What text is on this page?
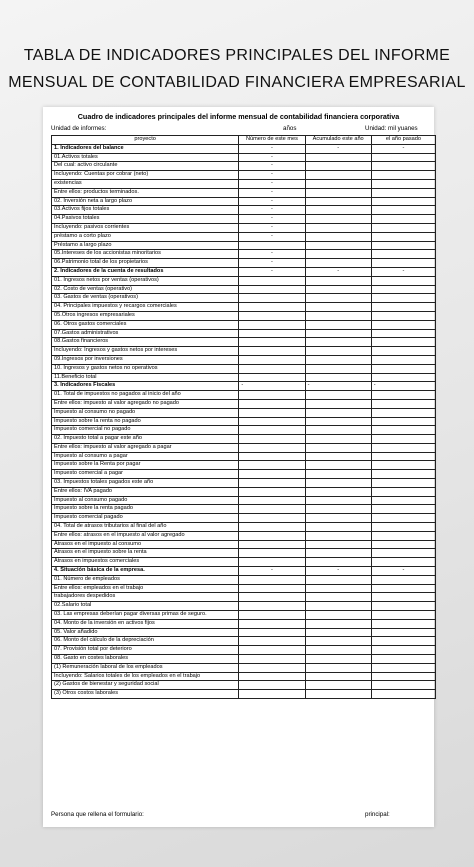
TABLA DE INDICADORES PRINCIPALES DEL INFORME
MENSUAL DE CONTABILIDAD FINANCIERA EMPRESARIAL
Cuadro de indicadores principales del informe mensual de contabilidad financiera corporativa
Unidad de informes:	años	Unidad: mil yuanes
proyecto	Número de este mes	Acumulado este año	el año pasado
1. Indicadores del balance	-	-	-
01.Activos totales	-		
Del cual: activo circulante	-		
Incluyendo: Cuentas por cobrar (neto)	-		
existencias	-		
Entre ellos: productos terminados.	-		
02. Inversión neta a largo plazo	-		
03.Activos fijos totales	-		
04.Pasivos totales	-		
Incluyendo: pasivos corrientes	-		
préstamo a corto plazo	-		
Préstamo a largo plazo			
05.Intereses de los accionistas minoritarios	-		
06.Patrimonio total de los propietarios	-		
2. Indicadores de la cuenta de resultados	-	-	-
01. Ingresos netos por ventas (operativos)			
02. Costo de ventas (operativo)			
03. Gastos de ventas (operativos)			
04. Principales impuestos y recargos comerciales			
05.Otros ingresos empresariales			
06. Otros gastos comerciales			
07.Gastos administrativos			
08.Gastos financieros			
Incluyendo: Ingresos y gastos netos por intereses			
09.Ingresos por inversiones			
10. Ingresos y gastos netos no operativos			
11.Beneficio total			
3. Indicadores Fiscales	-	-	-
01. Total de impuestos no pagados al inicio del año			
Entre ellos: impuesto al valor agregado no pagado			
Impuesto al consumo no pagado			
Impuesto sobre la renta no pagado			
Impuesto comercial no pagado			
02. Impuesto total a pagar este año			
Entre ellos: impuesto al valor agregado a pagar			
Impuesto al consumo a pagar			
Impuesto sobre la Renta por pagar			
Impuesto comercial a pagar			
03. Impuestos totales pagados este año			
Entre ellos: IVA pagado			
Impuesto al consumo pagado			
Impuesto sobre la renta pagado			
Impuesto comercial pagado			
04. Total de atrasos tributarios al final del año			
Entre ellos: atrasos en el impuesto al valor agregado			
Atrasos en el impuesto al consumo			
Atrasos en el impuesto sobre la renta			
Atrasos en impuestos comerciales			
4. Situación básica de la empresa.	-	-	-
01. Número de empleados			
Entre ellos: empleados en el trabajo			
trabajadores despedidos			
02.Salario total			
03. Las empresas deberían pagar diversas primas de seguro.			
04. Monto de la inversión en activos fijos			
05. Valor añadido			
06. Monto del cálculo de la depreciación			
07. Provisión total por deterioro			
08. Gasto en costes laborales			
(1) Remuneración laboral de los empleados			
Incluyendo: Salarios totales de los empleados en el trabajo			
(2) Gastos de bienestar y seguridad social			
(3) Otros costos laborales			
Persona que rellena el formulario:	principal:
